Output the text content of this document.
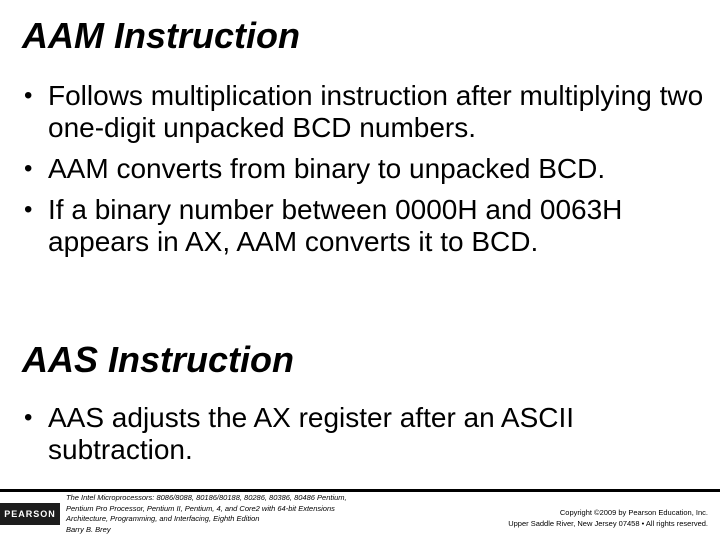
AAM Instruction
• Follows multiplication instruction after multiplying two one-digit unpacked BCD numbers.
• AAM converts from binary to unpacked BCD.
• If a binary number between 0000H and 0063H appears in AX, AAM converts it to BCD.
AAS Instruction
• AAS adjusts the AX register after an ASCII subtraction.
PEARSON
The Intel Microprocessors: 8086/8088, 80186/80188, 80286, 80386, 80486 Pentium,
Pentium Pro Processor, Pentium II, Pentium, 4, and Core2 with 64-bit Extensions
Architecture, Programming, and Interfacing, Eighth Edition
Barry B. Brey
Copyright ©2009 by Pearson Education, Inc.
Upper Saddle River, New Jersey 07458 • All rights reserved.
